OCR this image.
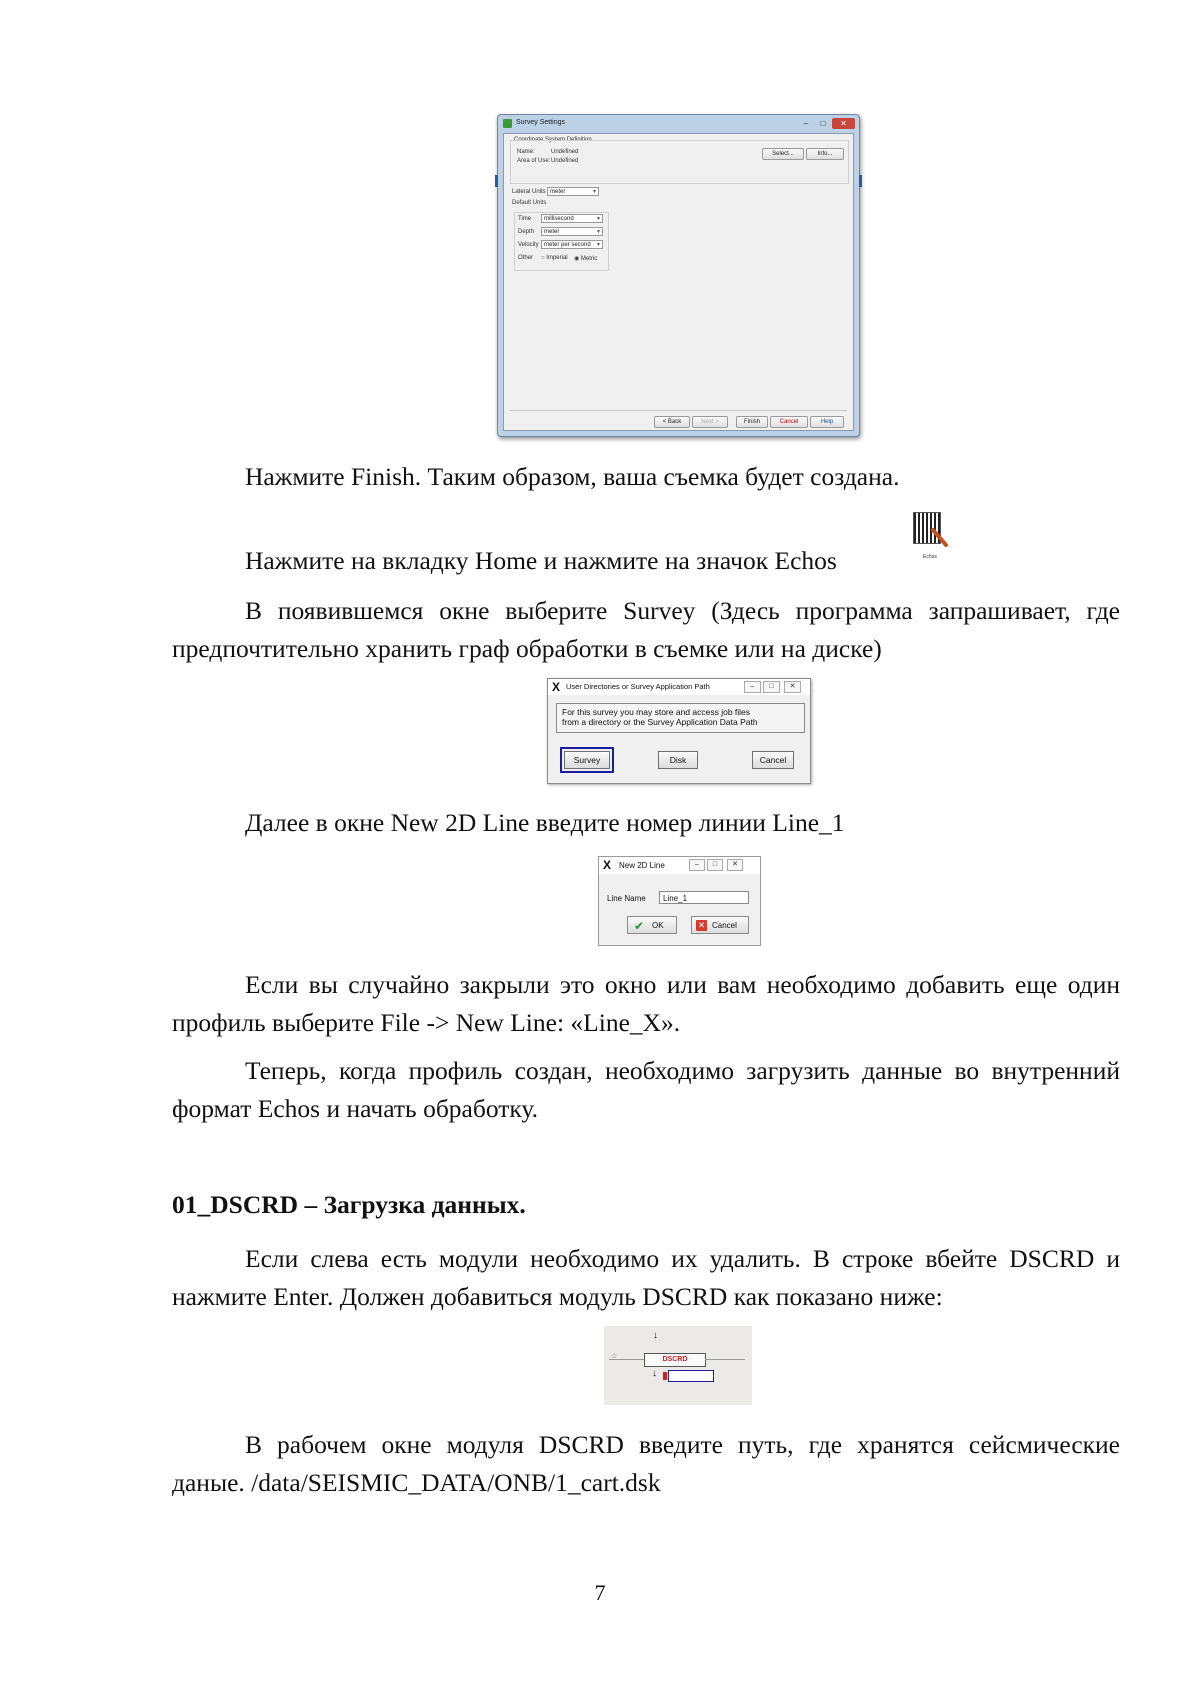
Survey Settings	–	□	✕
Coordinate System Definition
Name:	Undefined
Area of Use: Undefined
Select...	Info...
Lateral Units meter	▼
Default Units
Time	millisecond	▼
Depth	meter	▼
Velocity meter per second ▼
Other ○ Imperial ◉ Metric
< Back	Next >	Finish	Cancel	Help

Нажмите Finish. Таким образом, ваша съемка будет создана.

Нажмите на вкладку Home и нажмите на значок Echos	Echos

В появившемся окне выберите Survey (Здесь программа запрашивает, где предпочтительно хранить граф обработки в съемке или на диске)

X User Directories or Survey Application Path	–	□	✕
For this survey you may store and access job files
from a directory or the Survey Application Data Path
Survey	Disk	Cancel

Далее в окне New 2D Line введите номер линии Line_1

X New 2D Line	–	□	✕
Line Name	Line_1
✔ OK	✕ Cancel

Если вы случайно закрыли это окно или вам необходимо добавить еще один профиль выберите File -> New Line: «Line_X».

Теперь, когда профиль создан, необходимо загрузить данные во внутренний формат Echos и начать обработку.

01_DSCRD – Загрузка данных.

Если слева есть модули необходимо их удалить. В строке вбейте DSCRD и нажмите Enter. Должен добавиться модуль DSCRD как показано ниже:

↓
☆	DSCRD
↓

В рабочем окне модуля DSCRD введите путь, где хранятся сейсмические даные. /data/SEISMIC_DATA/ONB/1_cart.dsk

7
